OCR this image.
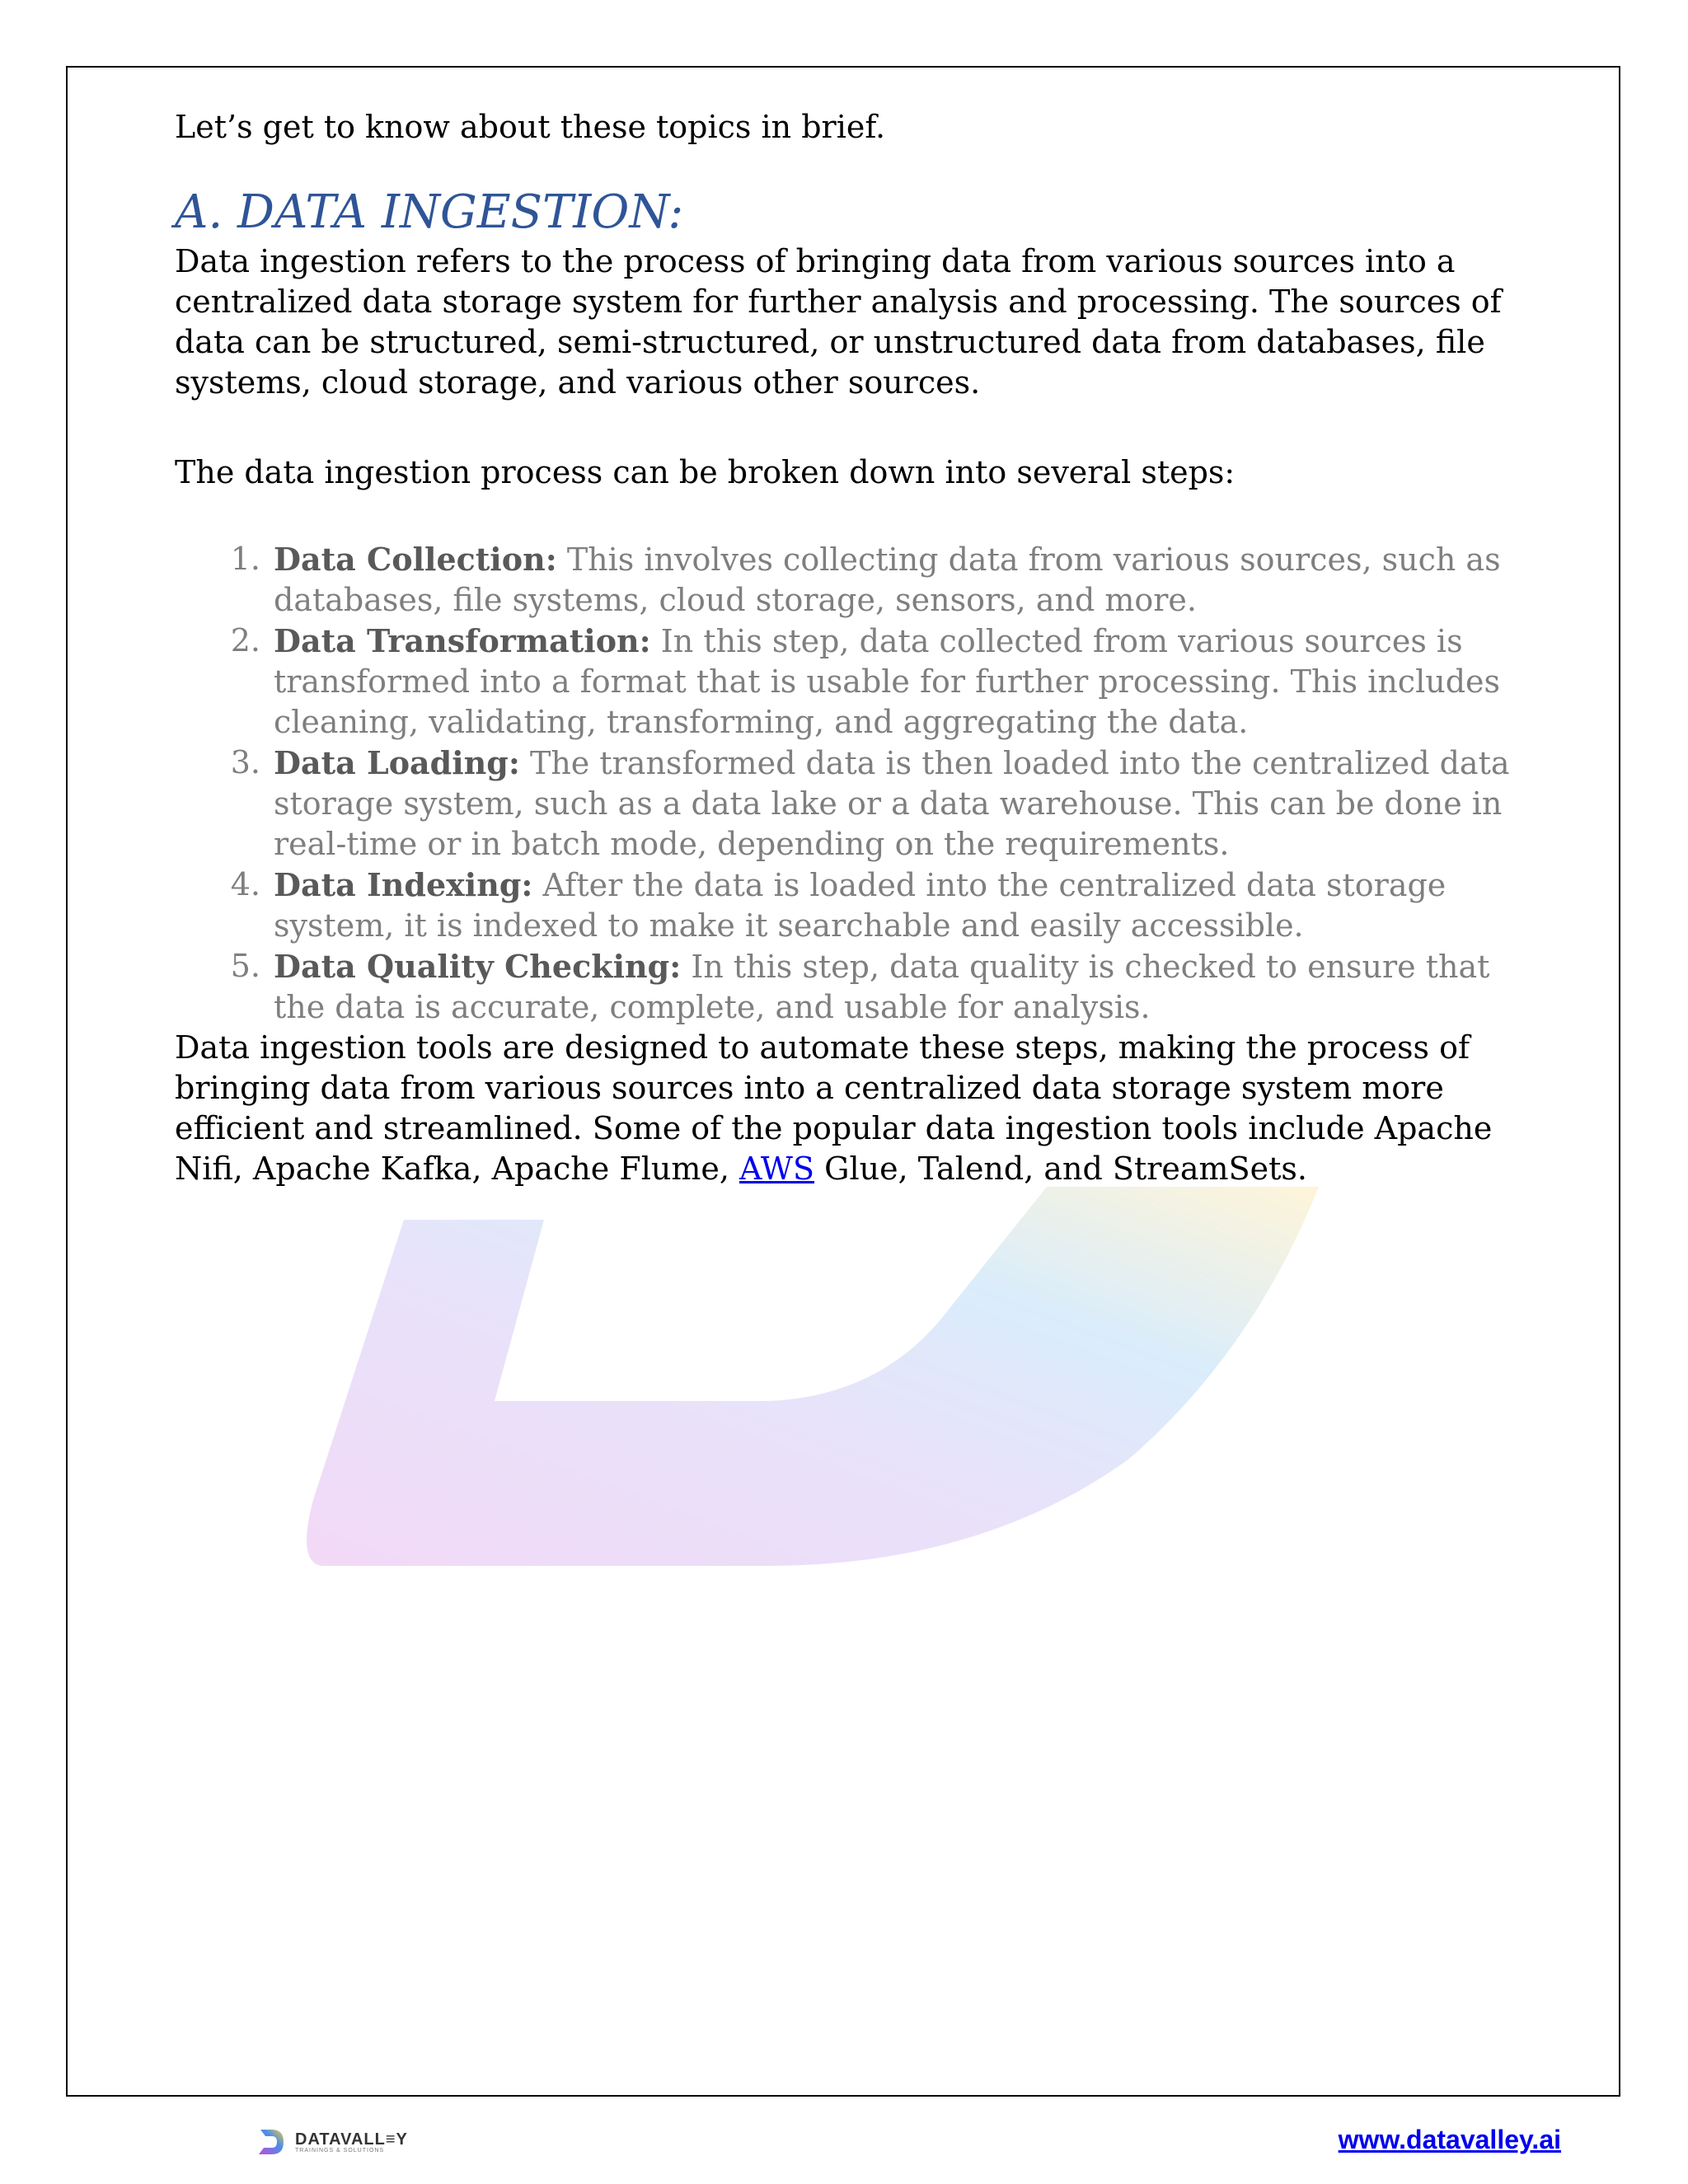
Let’s get to know about these topics in brief.

A. DATA INGESTION:

Data ingestion refers to the process of bringing data from various sources into a centralized data storage system for further analysis and processing. The sources of data can be structured, semi-structured, or unstructured data from databases, file systems, cloud storage, and various other sources.

The data ingestion process can be broken down into several steps:

1. Data Collection: This involves collecting data from various sources, such as databases, file systems, cloud storage, sensors, and more.
2. Data Transformation: In this step, data collected from various sources is transformed into a format that is usable for further processing. This includes cleaning, validating, transforming, and aggregating the data.
3. Data Loading: The transformed data is then loaded into the centralized data storage system, such as a data lake or a data warehouse. This can be done in real-time or in batch mode, depending on the requirements.
4. Data Indexing: After the data is loaded into the centralized data storage system, it is indexed to make it searchable and easily accessible.
5. Data Quality Checking: In this step, data quality is checked to ensure that the data is accurate, complete, and usable for analysis.

Data ingestion tools are designed to automate these steps, making the process of bringing data from various sources into a centralized data storage system more efficient and streamlined. Some of the popular data ingestion tools include Apache Nifi, Apache Kafka, Apache Flume, AWS Glue, Talend, and StreamSets.

DATAVALL≡Y
TRAININGS & SOLUTIONS	www.datavalley.ai
